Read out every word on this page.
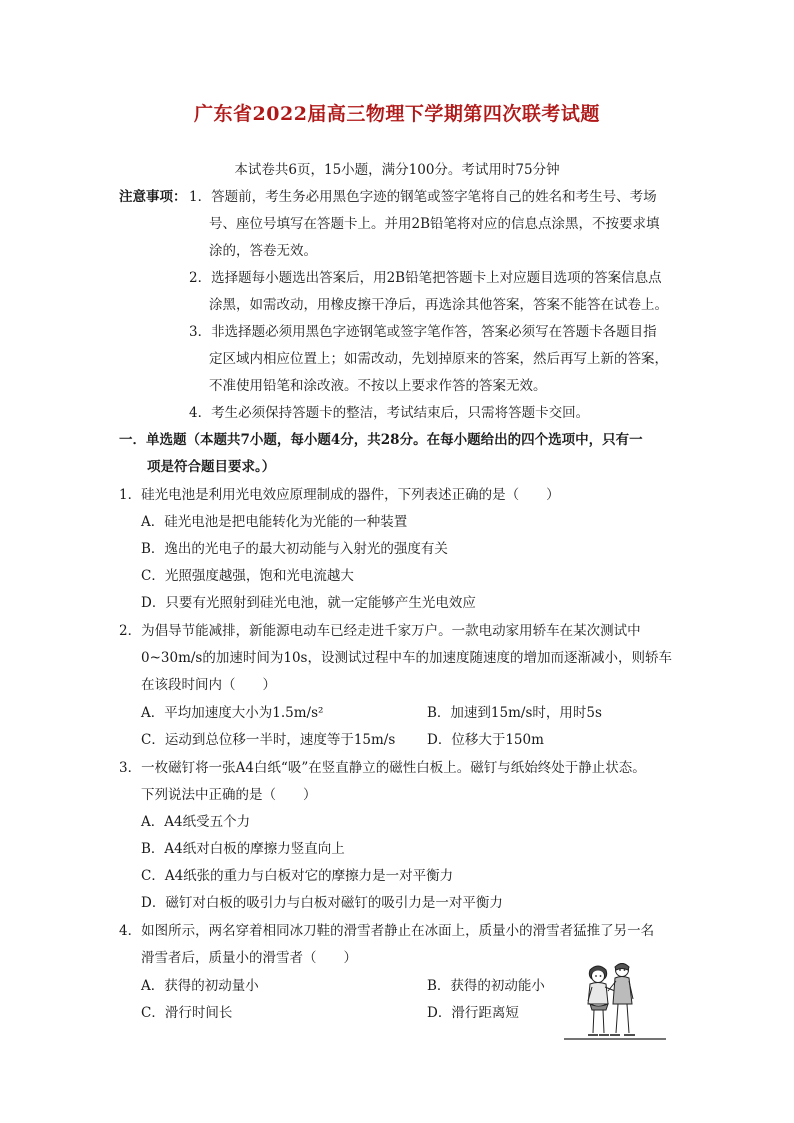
广东省2022届高三物理下学期第四次联考试题
本试卷共6页，15小题，满分100分。考试用时75分钟
注意事项： 1．答题前，考生务必用黑色字迹的钢笔或签字笔将自己的姓名和考生号、考场
号、座位号填写在答题卡上。并用2B铅笔将对应的信息点涂黑，不按要求填
涂的，答卷无效。
2．选择题每小题选出答案后，用2B铅笔把答题卡上对应题目选项的答案信息点
涂黑，如需改动，用橡皮擦干净后，再选涂其他答案，答案不能答在试卷上。
3．非选择题必须用黑色字迹钢笔或签字笔作答，答案必须写在答题卡各题目指
定区域内相应位置上；如需改动，先划掉原来的答案，然后再写上新的答案，
不准使用铅笔和涂改液。不按以上要求作答的答案无效。
4．考生必须保持答题卡的整洁，考试结束后，只需将答题卡交回。
一．单选题（本题共7小题，每小题4分，共28分。在每小题给出的四个选项中，只有一
项是符合题目要求。）
1．硅光电池是利用光电效应原理制成的器件，下列表述正确的是（　　）
A．硅光电池是把电能转化为光能的一种装置
B．逸出的光电子的最大初动能与入射光的强度有关
C．光照强度越强，饱和光电流越大
D．只要有光照射到硅光电池，就一定能够产生光电效应
2．为倡导节能减排，新能源电动车已经走进千家万户。一款电动家用轿车在某次测试中
0~30m/s的加速时间为10s，设测试过程中车的加速度随速度的增加而逐渐减小，则轿车
在该段时间内（　　）
A．平均加速度大小为1.5m/s²	B．加速到15m/s时，用时5s
C．运动到总位移一半时，速度等于15m/s D．位移大于150m
3．一枚磁钉将一张A4白纸“吸”在竖直静立的磁性白板上。磁钉与纸始终处于静止状态。
下列说法中正确的是（　　）
A．A4纸受五个力
B．A4纸对白板的摩擦力竖直向上
C．A4纸张的重力与白板对它的摩擦力是一对平衡力
D．磁钉对白板的吸引力与白板对磁钉的吸引力是一对平衡力
4．如图所示，两名穿着相同冰刀鞋的滑雪者静止在冰面上，质量小的滑雪者猛推了另一名
滑雪者后，质量小的滑雪者（　　）
A．获得的初动量小	B．获得的初动能小
C．滑行时间长	D．滑行距离短
